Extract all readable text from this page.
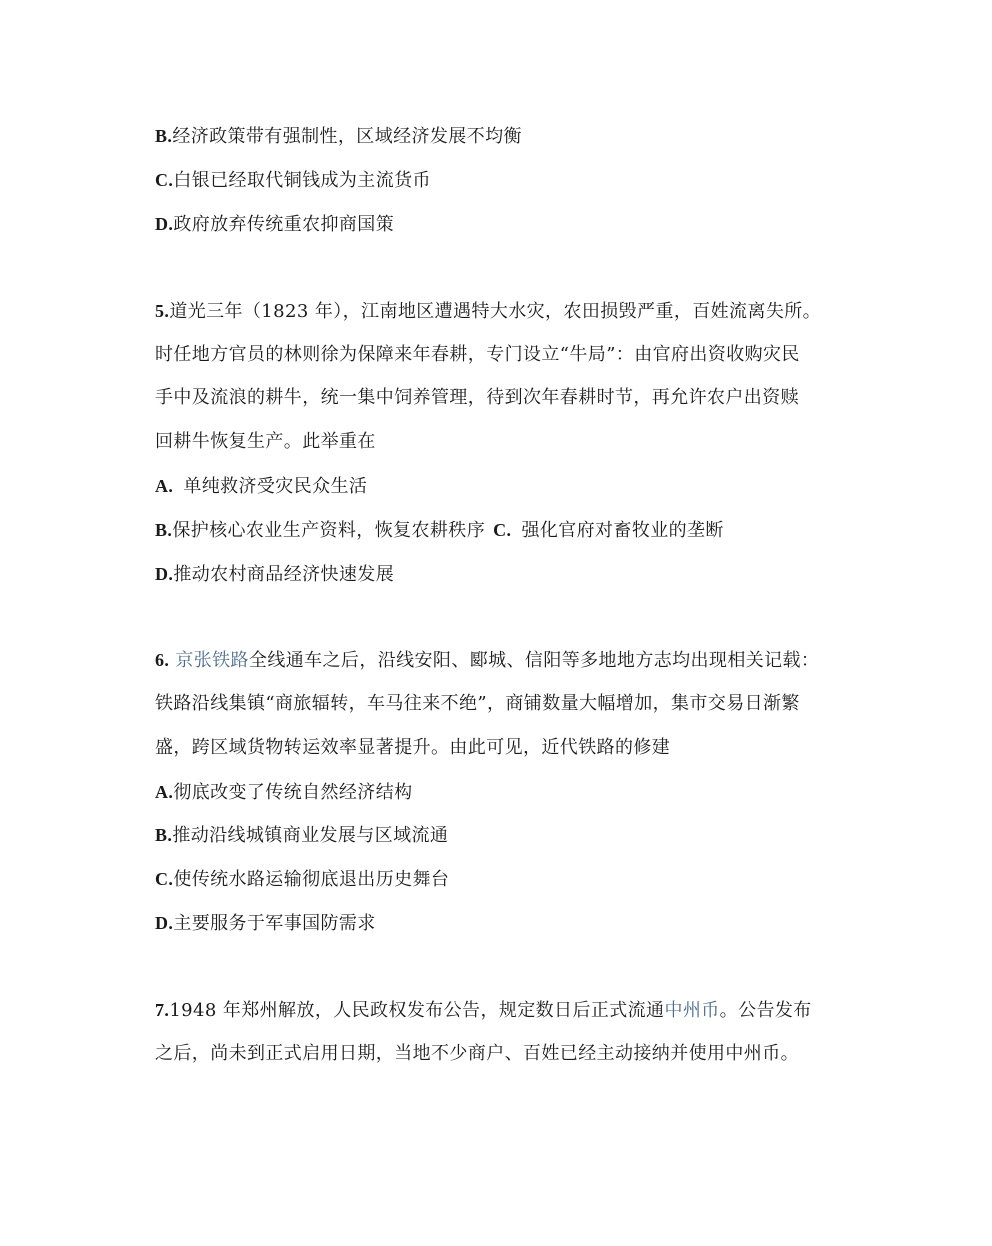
B.经济政策带有强制性，区域经济发展不均衡
C.白银已经取代铜钱成为主流货币
D.政府放弃传统重农抑商国策
5.道光三年（1823 年），江南地区遭遇特大水灾，农田损毁严重，百姓流离失所。
时任地方官员的林则徐为保障来年春耕，专门设立“牛局”：由官府出资收购灾民
手中及流浪的耕牛，统一集中饲养管理，待到次年春耕时节，再允许农户出资赎
回耕牛恢复生产。此举重在
A. 单纯救济受灾民众生活
B.保护核心农业生产资料，恢复农耕秩序 C. 强化官府对畜牧业的垄断
D.推动农村商品经济快速发展
6. 京张铁路全线通车之后，沿线安阳、郾城、信阳等多地地方志均出现相关记载：
铁路沿线集镇“商旅辐转，车马往来不绝”，商铺数量大幅增加，集市交易日渐繁
盛，跨区域货物转运效率显著提升。由此可见，近代铁路的修建
A.彻底改变了传统自然经济结构
B.推动沿线城镇商业发展与区域流通
C.使传统水路运输彻底退出历史舞台
D.主要服务于军事国防需求
7.1948 年郑州解放，人民政权发布公告，规定数日后正式流通中州币。公告发布
之后，尚未到正式启用日期，当地不少商户、百姓已经主动接纳并使用中州币。
